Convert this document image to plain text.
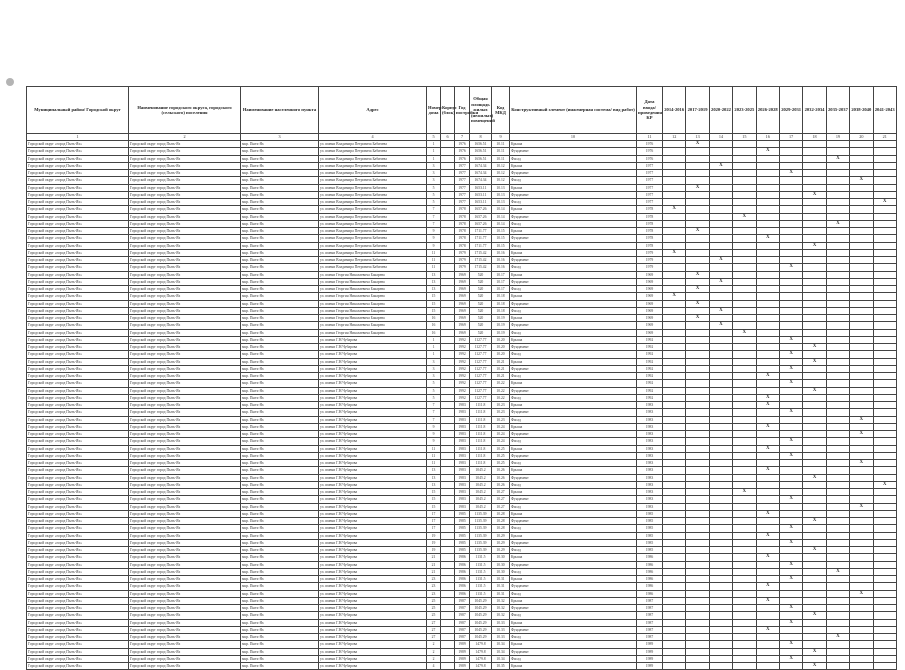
Муниципальный район/ Городской округ	Наименование городского округа, городского (сельского) поселения	Наименование населенного пункта	Адрес	Номер дома	Корпус (блок)	Год постройки	Общая площадь жилых (нежилых) помещений	Код МКД	Конструктивный элемент (инженерная система/ вид работ)	Дата ввода/ проведения КР	2014-2016	2017-2019	2020-2022	2023-2025	2026-2028	2029-2031	2032-2034	2035-2037	2038-2040	2041-2043
1	2	3	4	5	6	7	8	9	10	11	12	13	14	15	16	17	18	19	20	21
Городской округ «город Пыть-Ях»	Городской округ город Пыть-Ях	мкр. Пыть-Ях	ул. имени Владимира Петровича Бабичева	1		1976	1656.51	10.11	Крыша	1976		X								
Городской округ «город Пыть-Ях»	Городской округ город Пыть-Ях	мкр. Пыть-Ях	ул. имени Владимира Петровича Бабичева	1		1976	1656.51	10.11	Фундамент	1976					X					
Городской округ «город Пыть-Ях»	Городской округ город Пыть-Ях	мкр. Пыть-Ях	ул. имени Владимира Петровича Бабичева	1		1976	1656.51	10.11	Фасад	1976								X		
Городской округ «город Пыть-Ях»	Городской округ город Пыть-Ях	мкр. Пыть-Ях	ул. имени Владимира Петровича Бабичева	3		1977	1674.34	10.12	Крыша	1977			X							
Городской округ «город Пыть-Ях»	Городской округ город Пыть-Ях	мкр. Пыть-Ях	ул. имени Владимира Петровича Бабичева	3		1977	1674.34	10.12	Фундамент	1977						X				
Городской округ «город Пыть-Ях»	Городской округ город Пыть-Ях	мкр. Пыть-Ях	ул. имени Владимира Петровича Бабичева	3		1977	1674.34	10.12	Фасад	1977									X	
Городской округ «город Пыть-Ях»	Городской округ город Пыть-Ях	мкр. Пыть-Ях	ул. имени Владимира Петровича Бабичева	5		1977	1653.11	10.13	Крыша	1977		X								
Городской округ «город Пыть-Ях»	Городской округ город Пыть-Ях	мкр. Пыть-Ях	ул. имени Владимира Петровича Бабичева	5		1977	1653.11	10.13	Фундамент	1977							X			
Городской округ «город Пыть-Ях»	Городской округ город Пыть-Ях	мкр. Пыть-Ях	ул. имени Владимира Петровича Бабичева	5		1977	1653.11	10.13	Фасад	1977										X
Городской округ «город Пыть-Ях»	Городской округ город Пыть-Ях	мкр. Пыть-Ях	ул. имени Владимира Петровича Бабичева	7		1978	1657.26	10.14	Крыша	1978	X									
Городской округ «город Пыть-Ях»	Городской округ город Пыть-Ях	мкр. Пыть-Ях	ул. имени Владимира Петровича Бабичева	7		1978	1657.26	10.14	Фундамент	1978				X						
Городской округ «город Пыть-Ях»	Городской округ город Пыть-Ях	мкр. Пыть-Ях	ул. имени Владимира Петровича Бабичева	7		1978	1657.26	10.14	Фасад	1978								X		
Городской округ «город Пыть-Ях»	Городской округ город Пыть-Ях	мкр. Пыть-Ях	ул. имени Владимира Петровича Бабичева	9		1978	1711.77	10.15	Крыша	1978		X								
Городской округ «город Пыть-Ях»	Городской округ город Пыть-Ях	мкр. Пыть-Ях	ул. имени Владимира Петровича Бабичева	9		1978	1711.77	10.15	Фундамент	1978					X					
Городской округ «город Пыть-Ях»	Городской округ город Пыть-Ях	мкр. Пыть-Ях	ул. имени Владимира Петровича Бабичева	9		1978	1711.77	10.15	Фасад	1978							X			
Городской округ «город Пыть-Ях»	Городской округ город Пыть-Ях	мкр. Пыть-Ях	ул. имени Владимира Петровича Бабичева	11		1979	1715.42	10.16	Крыша	1979	X									
Городской округ «город Пыть-Ях»	Городской округ город Пыть-Ях	мкр. Пыть-Ях	ул. имени Владимира Петровича Бабичева	11		1979	1715.42	10.16	Фундамент	1979			X							
Городской округ «город Пыть-Ях»	Городской округ город Пыть-Ях	мкр. Пыть-Ях	ул. имени Владимира Петровича Бабичева	11		1979	1715.42	10.16	Фасад	1979						X				
Городской округ «город Пыть-Ях»	Городской округ город Пыть-Ях	мкр. Пыть-Ях	ул. имени Георгия Николаевича Бакарева	13		1969	520	10.17	Крыша	1969		X								
Городской округ «город Пыть-Ях»	Городской округ город Пыть-Ях	мкр. Пыть-Ях	ул. имени Георгия Николаевича Бакарева	13		1969	520	10.17	Фундамент	1969			X							
Городской округ «город Пыть-Ях»	Городской округ город Пыть-Ях	мкр. Пыть-Ях	ул. имени Георгия Николаевича Бакарева	13		1969	520	10.17	Фасад	1969		X								
Городской округ «город Пыть-Ях»	Городской округ город Пыть-Ях	мкр. Пыть-Ях	ул. имени Георгия Николаевича Бакарева	15		1969	520	10.18	Крыша	1969	X									
Городской округ «город Пыть-Ях»	Городской округ город Пыть-Ях	мкр. Пыть-Ях	ул. имени Георгия Николаевича Бакарева	15		1969	520	10.18	Фундамент	1969		X								
Городской округ «город Пыть-Ях»	Городской округ город Пыть-Ях	мкр. Пыть-Ях	ул. имени Георгия Николаевича Бакарева	15		1969	520	10.18	Фасад	1969			X							
Городской округ «город Пыть-Ях»	Городской округ город Пыть-Ях	мкр. Пыть-Ях	ул. имени Георгия Николаевича Бакарева	16		1969	520	10.19	Крыша	1969		X								
Городской округ «город Пыть-Ях»	Городской округ город Пыть-Ях	мкр. Пыть-Ях	ул. имени Георгия Николаевича Бакарева	16		1969	520	10.19	Фундамент	1969			X							
Городской округ «город Пыть-Ях»	Городской округ город Пыть-Ях	мкр. Пыть-Ях	ул. имени Георгия Николаевича Бакарева	16		1969	520	10.19	Фасад	1969				X						
Городской округ «город Пыть-Ях»	Городской округ город Пыть-Ях	мкр. Пыть-Ях	ул. имени Г.Н.Чубарова	1		1992	1127.77	10.20	Крыша	1992						X				
Городской округ «город Пыть-Ях»	Городской округ город Пыть-Ях	мкр. Пыть-Ях	ул. имени Г.Н.Чубарова	1		1992	1127.77	10.20	Фундамент	1992							X			
Городской округ «город Пыть-Ях»	Городской округ город Пыть-Ях	мкр. Пыть-Ях	ул. имени Г.Н.Чубарова	1		1992	1127.77	10.20	Фасад	1992						X				
Городской округ «город Пыть-Ях»	Городской округ город Пыть-Ях	мкр. Пыть-Ях	ул. имени Г.Н.Чубарова	3		1992	1127.77	10.21	Крыша	1992							X			
Городской округ «город Пыть-Ях»	Городской округ город Пыть-Ях	мкр. Пыть-Ях	ул. имени Г.Н.Чубарова	3		1992	1127.77	10.21	Фундамент	1992						X				
Городской округ «город Пыть-Ях»	Городской округ город Пыть-Ях	мкр. Пыть-Ях	ул. имени Г.Н.Чубарова	3		1992	1127.77	10.21	Фасад	1992					X					
Городской округ «город Пыть-Ях»	Городской округ город Пыть-Ях	мкр. Пыть-Ях	ул. имени Г.Н.Чубарова	5		1992	1127.77	10.22	Крыша	1992						X				
Городской округ «город Пыть-Ях»	Городской округ город Пыть-Ях	мкр. Пыть-Ях	ул. имени Г.Н.Чубарова	5		1992	1127.77	10.22	Фундамент	1992							X			
Городской округ «город Пыть-Ях»	Городской округ город Пыть-Ях	мкр. Пыть-Ях	ул. имени Г.Н.Чубарова	5		1992	1127.77	10.22	Фасад	1992					X					
Городской округ «город Пыть-Ях»	Городской округ город Пыть-Ях	мкр. Пыть-Ях	ул. имени Г.Н.Чубарова	7		1983	1111.8	10.23	Крыша	1983					X					
Городской округ «город Пыть-Ях»	Городской округ город Пыть-Ях	мкр. Пыть-Ях	ул. имени Г.Н.Чубарова	7		1983	1111.8	10.23	Фундамент	1983						X				
Городской округ «город Пыть-Ях»	Городской округ город Пыть-Ях	мкр. Пыть-Ях	ул. имени Г.Н.Чубарова	7		1983	1111.8	10.23	Фасад	1983									X	
Городской округ «город Пыть-Ях»	Городской округ город Пыть-Ях	мкр. Пыть-Ях	ул. имени Г.Н.Чубарова	9		1983	1111.8	10.24	Крыша	1983					X					
Городской округ «город Пыть-Ях»	Городской округ город Пыть-Ях	мкр. Пыть-Ях	ул. имени Г.Н.Чубарова	9		1983	1111.8	10.24	Фундамент	1983									X	
Городской округ «город Пыть-Ях»	Городской округ город Пыть-Ях	мкр. Пыть-Ях	ул. имени Г.Н.Чубарова	9		1983	1111.8	10.24	Фасад	1983						X				
Городской округ «город Пыть-Ях»	Городской округ город Пыть-Ях	мкр. Пыть-Ях	ул. имени Г.Н.Чубарова	11		1983	1111.8	10.25	Крыша	1983					X					
Городской округ «город Пыть-Ях»	Городской округ город Пыть-Ях	мкр. Пыть-Ях	ул. имени Г.Н.Чубарова	11		1983	1111.8	10.25	Фундамент	1983						X				
Городской округ «город Пыть-Ях»	Городской округ город Пыть-Ях	мкр. Пыть-Ях	ул. имени Г.Н.Чубарова	11		1983	1111.8	10.25	Фасад	1983									X	
Городской округ «город Пыть-Ях»	Городской округ город Пыть-Ях	мкр. Пыть-Ях	ул. имени Г.Н.Чубарова	13		1983	1045.2	10.26	Крыша	1983					X					
Городской округ «город Пыть-Ях»	Городской округ город Пыть-Ях	мкр. Пыть-Ях	ул. имени Г.Н.Чубарова	13		1983	1045.2	10.26	Фундамент	1983							X			
Городской округ «город Пыть-Ях»	Городской округ город Пыть-Ях	мкр. Пыть-Ях	ул. имени Г.Н.Чубарова	13		1983	1045.2	10.26	Фасад	1983										X
Городской округ «город Пыть-Ях»	Городской округ город Пыть-Ях	мкр. Пыть-Ях	ул. имени Г.Н.Чубарова	15		1983	1045.2	10.27	Крыша	1983				X						
Городской округ «город Пыть-Ях»	Городской округ город Пыть-Ях	мкр. Пыть-Ях	ул. имени Г.Н.Чубарова	15		1983	1045.2	10.27	Фундамент	1983						X				
Городской округ «город Пыть-Ях»	Городской округ город Пыть-Ях	мкр. Пыть-Ях	ул. имени Г.Н.Чубарова	15		1983	1045.2	10.27	Фасад	1983									X	
Городской округ «город Пыть-Ях»	Городской округ город Пыть-Ях	мкр. Пыть-Ях	ул. имени Г.Н.Чубарова	17		1985	1135.39	10.28	Крыша	1985					X					
Городской округ «город Пыть-Ях»	Городской округ город Пыть-Ях	мкр. Пыть-Ях	ул. имени Г.Н.Чубарова	17		1985	1135.39	10.28	Фундамент	1985							X			
Городской округ «город Пыть-Ях»	Городской округ город Пыть-Ях	мкр. Пыть-Ях	ул. имени Г.Н.Чубарова	17		1985	1135.39	10.28	Фасад	1985						X				
Городской округ «город Пыть-Ях»	Городской округ город Пыть-Ях	мкр. Пыть-Ях	ул. имени Г.Н.Чубарова	19		1985	1135.39	10.29	Крыша	1985					X					
Городской округ «город Пыть-Ях»	Городской округ город Пыть-Ях	мкр. Пыть-Ях	ул. имени Г.Н.Чубарова	19		1985	1135.39	10.29	Фундамент	1985						X				
Городской округ «город Пыть-Ях»	Городской округ город Пыть-Ях	мкр. Пыть-Ях	ул. имени Г.Н.Чубарова	19		1985	1135.39	10.29	Фасад	1985							X			
Городской округ «город Пыть-Ях»	Городской округ город Пыть-Ях	мкр. Пыть-Ях	ул. имени Г.Н.Чубарова	21		1986	1131.5	10.30	Крыша	1986					X					
Городской округ «город Пыть-Ях»	Городской округ город Пыть-Ях	мкр. Пыть-Ях	ул. имени Г.Н.Чубарова	21		1986	1131.5	10.30	Фундамент	1986						X				
Городской округ «город Пыть-Ях»	Городской округ город Пыть-Ях	мкр. Пыть-Ях	ул. имени Г.Н.Чубарова	21		1986	1131.5	10.30	Фасад	1986								X		
Городской округ «город Пыть-Ях»	Городской округ город Пыть-Ях	мкр. Пыть-Ях	ул. имени Г.Н.Чубарова	23		1986	1131.5	10.31	Крыша	1986						X				
Городской округ «город Пыть-Ях»	Городской округ город Пыть-Ях	мкр. Пыть-Ях	ул. имени Г.Н.Чубарова	23		1986	1131.5	10.31	Фундамент	1986					X					
Городской округ «город Пыть-Ях»	Городской округ город Пыть-Ях	мкр. Пыть-Ях	ул. имени Г.Н.Чубарова	23		1986	1131.5	10.31	Фасад	1986									X	
Городской округ «город Пыть-Ях»	Городской округ город Пыть-Ях	мкр. Пыть-Ях	ул. имени Г.Н.Чубарова	25		1987	1045.29	10.32	Крыша	1987					X					
Городской округ «город Пыть-Ях»	Городской округ город Пыть-Ях	мкр. Пыть-Ях	ул. имени Г.Н.Чубарова	25		1987	1045.29	10.32	Фундамент	1987						X				
Городской округ «город Пыть-Ях»	Городской округ город Пыть-Ях	мкр. Пыть-Ях	ул. имени Г.Н.Чубарова	25		1987	1045.29	10.32	Фасад	1987							X			
Городской округ «город Пыть-Ях»	Городской округ город Пыть-Ях	мкр. Пыть-Ях	ул. имени Г.Н.Чубарова	27		1987	1045.29	10.33	Крыша	1987						X				
Городской округ «город Пыть-Ях»	Городской округ город Пыть-Ях	мкр. Пыть-Ях	ул. имени Г.Н.Чубарова	27		1987	1045.29	10.33	Фундамент	1987					X					
Городской округ «город Пыть-Ях»	Городской округ город Пыть-Ях	мкр. Пыть-Ях	ул. имени Г.Н.Чубарова	27		1987	1045.29	10.33	Фасад	1987								X		
Городской округ «город Пыть-Ях»	Городской округ город Пыть-Ях	мкр. Пыть-Ях	ул. имени Г.Н.Чубарова	2		1989	1479.8	10.34	Крыша	1989						X				
Городской округ «город Пыть-Ях»	Городской округ город Пыть-Ях	мкр. Пыть-Ях	ул. имени Г.Н.Чубарова	2		1989	1479.8	10.34	Фундамент	1989							X			
Городской округ «город Пыть-Ях»	Городской округ город Пыть-Ях	мкр. Пыть-Ях	ул. имени Г.Н.Чубарова	2		1989	1479.8	10.34	Фасад	1989						X				
Городской округ «город Пыть-Ях»	Городской округ город Пыть-Ях	мкр. Пыть-Ях	ул. имени Г.Н.Чубарова	4		1989	1479.8	10.35	Крыша	1989							X			
